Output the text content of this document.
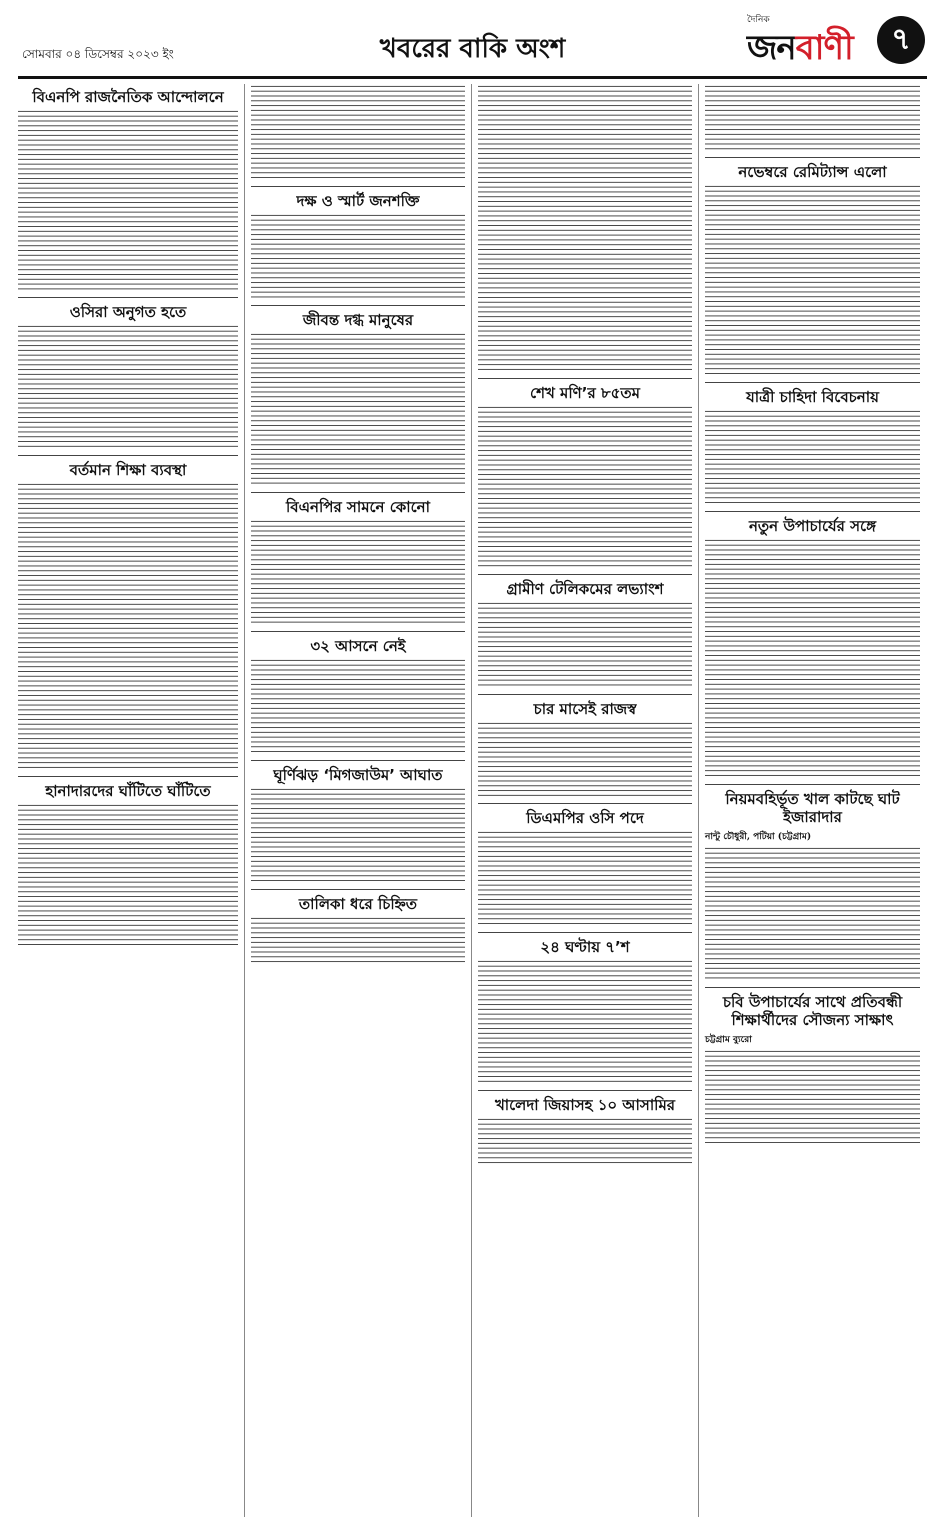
সোমবার ০৪ ডিসেম্বর ২০২৩ ইং	খবরের বাকি অংশ
দৈনিক
জনবাণী	৭
বিএনপি রাজনৈতিক আন্দোলনে
ওসিরা অনুগত হতে
বর্তমান শিক্ষা ব্যবস্থা
হানাদারদের ঘাঁটিতে ঘাঁটিতে
দক্ষ ও স্মার্ট জনশক্তি
জীবন্ত দগ্ধ মানুষের
বিএনপির সামনে কোনো
৩২ আসনে নেই
ঘূর্ণিঝড় ‘মিগজাউম’ আঘাত
তালিকা ধরে চিহ্নিত
শেখ মণি’র ৮৫তম
গ্রামীণ টেলিকমের লভ্যাংশ
চার মাসেই রাজস্ব
ডিএমপির ওসি পদে
২৪ ঘণ্টায় ৭’শ
খালেদা জিয়াসহ ১০ আসামির
নভেম্বরে রেমিট্যান্স এলো
যাত্রী চাহিদা বিবেচনায়
নতুন উপাচার্যের সঙ্গে
নিয়মবহির্ভূত খাল কাটছে ঘাট ইজারাদার
নান্টু চৌধুরী, পটিয়া (চট্টগ্রাম)
চবি উপাচার্যের সাথে প্রতিবন্ধী শিক্ষার্থীদের সৌজন্য সাক্ষাৎ
চট্টগ্রাম ব্যুরো
